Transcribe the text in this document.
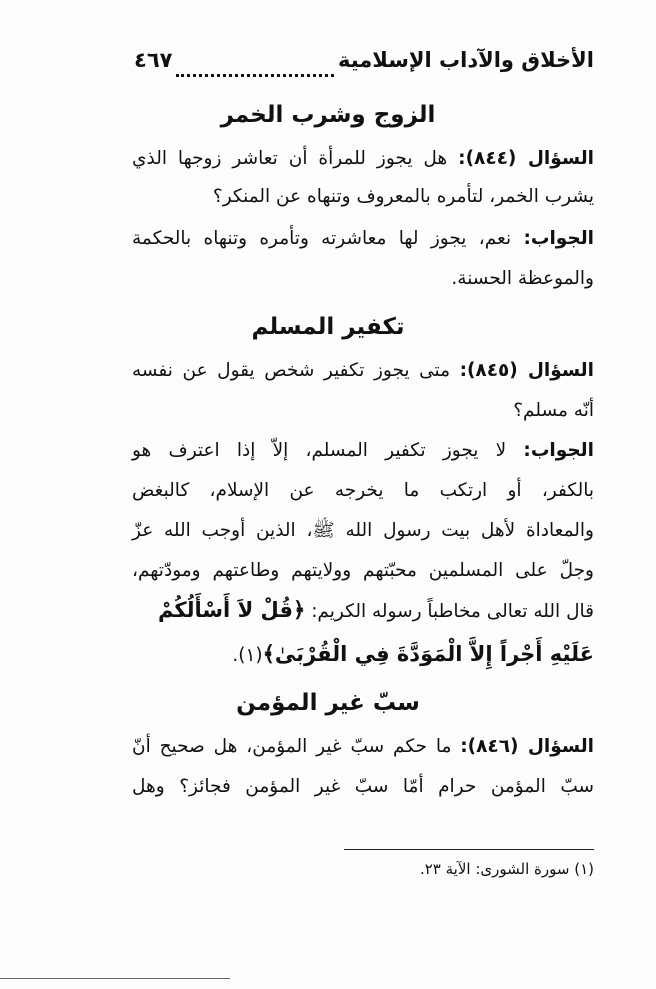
الأخلاق والآداب الإسلامية
٤٦٧
الزوج وشرب الخمر
السؤال (٨٤٤): هل يجوز للمرأة أن تعاشر زوجها الذي
يشرب الخمر، لتأمره بالمعروف وتنهاه عن المنكر؟
الجواب: نعم، يجوز لها معاشرته وتأمره وتنهاه بالحكمة
والموعظة الحسنة.
تكفير المسلم
السؤال (٨٤٥): متى يجوز تكفير شخص يقول عن نفسه
أنّه مسلم؟
الجواب: لا يجوز تكفير المسلم، إلاّ إذا اعترف هو
بالكفر، أو ارتكب ما يخرجه عن الإسلام، كالبغض
والمعاداة لأهل بيت رسول الله ﷺ، الذين أوجب الله عزّ
وجلّ على المسلمين محبّتهم وولايتهم وطاعتهم ومودّتهم،
قال الله تعالى مخاطباً رسوله الكريم: ﴿قُلْ لاَ أَسْأَلُكُمْ
عَلَيْهِ أَجْراً إِلاَّ الْمَوَدَّةَ فِي الْقُرْبَىٰ﴾(١).
سبّ غير المؤمن
السؤال (٨٤٦): ما حكم سبّ غير المؤمن، هل صحيح أنّ
سبّ المؤمن حرام أمّا سبّ غير المؤمن فجائز؟ وهل
(١) سورة الشورى: الآية ٢٣.
